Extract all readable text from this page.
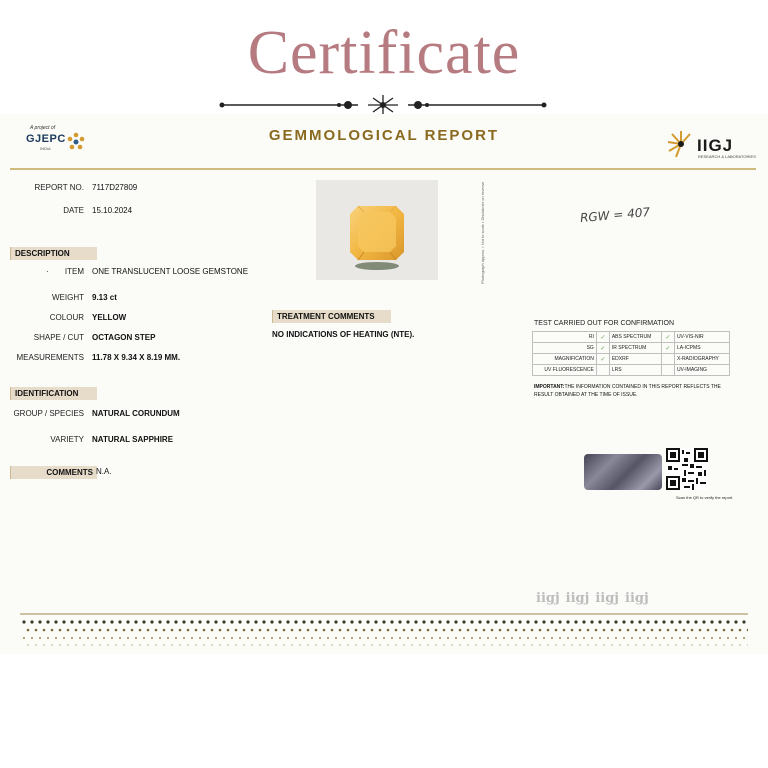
Certificate
A project of
GJEPC
INDIA
GEMMOLOGICAL REPORT
IIGJ
RESEARCH & LABORATORIES
REPORT NO. 7117D27809
DATE 15.10.2024
DESCRIPTION
·	ITEM ONE TRANSLUCENT LOOSE GEMSTONE
WEIGHT 9.13 ct
COLOUR YELLOW
SHAPE / CUT OCTAGON STEP
MEASUREMENTS 11.78 X 9.34 X 8.19 MM.
IDENTIFICATION
GROUP / SPECIES NATURAL CORUNDUM
VARIETY NATURAL SAPPHIRE
COMMENTS N.A.
Photograph approx. • Not to scale • Disclaimer on reverse	RGW = 407
TREATMENT COMMENTS
NO INDICATIONS OF HEATING (NTE).
TEST CARRIED OUT FOR CONFIRMATION
RI	✓	ABS SPECTRUM	✓	UV-VIS-NIR
SG	✓	IR SPECTRUM	✓	LA-ICPMS
MAGNIFICATION	✓	EDXRF		X-RADIOGRAPHY
UV FLUORESCENCE		LRS		UV-IMAGING
IMPORTANT:THE INFORMATION CONTAINED IN THIS REPORT REFLECTS THE RESULT OBTAINED AT THE TIME OF ISSUE.
Scan the QR to verify the report
iigj iigj iigj iigj
